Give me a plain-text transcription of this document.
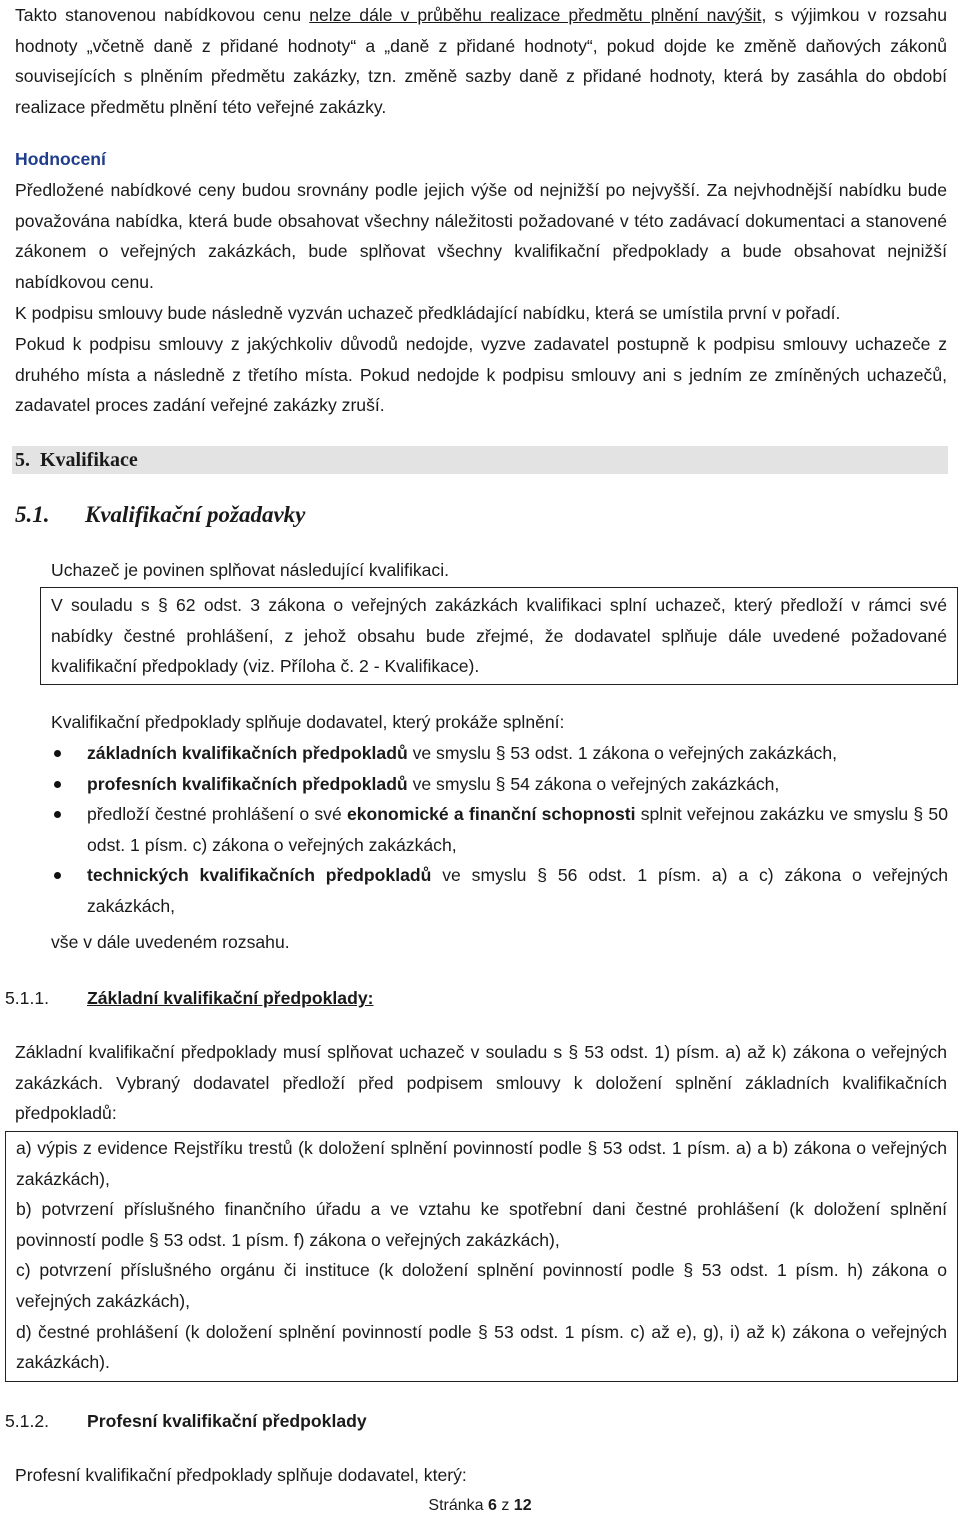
Takto stanovenou nabídkovou cenu nelze dále v průběhu realizace předmětu plnění navýšit, s výjimkou v rozsahu hodnoty „včetně daně z přidané hodnoty“ a „daně z přidané hodnoty“, pokud dojde ke změně daňových zákonů souvisejících s plněním předmětu zakázky, tzn. změně sazby daně z přidané hodnoty, která by zasáhla do období realizace předmětu plnění této veřejné zakázky.

Hodnocení

Předložené nabídkové ceny budou srovnány podle jejich výše od nejnižší po nejvyšší. Za nejvhodnější nabídku bude považována nabídka, která bude obsahovat všechny náležitosti požadované v této zadávací dokumentaci a stanovené zákonem o veřejných zakázkách, bude splňovat všechny kvalifikační předpoklady a bude obsahovat nejnižší nabídkovou cenu.

K podpisu smlouvy bude následně vyzván uchazeč předkládající nabídku, která se umístila první v pořadí.

Pokud k podpisu smlouvy z jakýchkoliv důvodů nedojde, vyzve zadavatel postupně k podpisu smlouvy uchazeče z druhého místa a následně z třetího místa. Pokud nedojde k podpisu smlouvy ani s jedním ze zmíněných uchazečů, zadavatel proces zadání veřejné zakázky zruší.

5. Kvalifikace
5.1. Kvalifikační požadavky

Uchazeč je povinen splňovat následující kvalifikaci.

V souladu s § 62 odst. 3 zákona o veřejných zakázkách kvalifikaci splní uchazeč, který předloží v rámci své nabídky čestné prohlášení, z jehož obsahu bude zřejmé, že dodavatel splňuje dále uvedené požadované kvalifikační předpoklady (viz. Příloha č. 2 - Kvalifikace).

Kvalifikační předpoklady splňuje dodavatel, který prokáže splnění:

základních kvalifikačních předpokladů ve smyslu § 53 odst. 1 zákona o veřejných zakázkách,
profesních kvalifikačních předpokladů ve smyslu § 54 zákona o veřejných zakázkách,
předloží čestné prohlášení o své ekonomické a finanční schopnosti splnit veřejnou zakázku ve smyslu § 50 odst. 1 písm. c) zákona o veřejných zakázkách,
technických kvalifikačních předpokladů ve smyslu § 56 odst. 1 písm. a) a c) zákona o veřejných zakázkách,

vše v dále uvedeném rozsahu.

5.1.1. Základní kvalifikační předpoklady:

Základní kvalifikační předpoklady musí splňovat uchazeč v souladu s § 53 odst. 1) písm. a) až k) zákona o veřejných zakázkách. Vybraný dodavatel předloží před podpisem smlouvy k doložení splnění základních kvalifikačních předpokladů:

a) výpis z evidence Rejstříku trestů (k doložení splnění povinností podle § 53 odst. 1 písm. a) a b) zákona o veřejných zakázkách),
b) potvrzení příslušného finančního úřadu a ve vztahu ke spotřební dani čestné prohlášení (k doložení splnění povinností podle § 53 odst. 1 písm. f) zákona o veřejných zakázkách),
c) potvrzení příslušného orgánu či instituce (k doložení splnění povinností podle § 53 odst. 1 písm. h) zákona o veřejných zakázkách),
d) čestné prohlášení (k doložení splnění povinností podle § 53 odst. 1 písm. c) až e), g), i) až k) zákona o veřejných zakázkách).
5.1.2. Profesní kvalifikační předpoklady

Profesní kvalifikační předpoklady splňuje dodavatel, který:

Stránka 6 z 12
